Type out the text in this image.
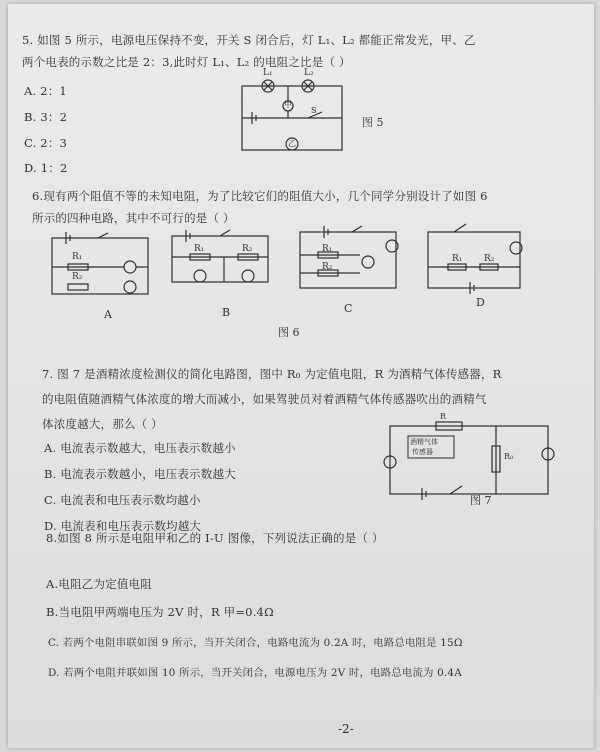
5. 如图 5 所示，电源电压保持不变，开关 S 闭合后，灯 L₁、L₂ 都能正常发光，甲、乙
两个电表的示数之比是 2：3,此时灯 L₁、L₂ 的电阻之比是（ ）
A. 2：1
B. 3：2
C. 2：3
D. 1：2
L₁	L₂
甲
S
乙
图 5
6.现有两个阻值不等的未知电阻，为了比较它们的阻值大小，几个同学分别设计了如图 6
所示的四种电路，其中不可行的是（ ）
R₁
R₂
R₁	R₂	R₁
R₂
R₁ R₂
A	B	C	D
图 6
7. 图 7 是酒精浓度检测仪的简化电路图，图中 R₀ 为定值电阻，R 为酒精气体传感器，R
的电阻值随酒精气体浓度的增大而减小，如果驾驶员对着酒精气体传感器吹出的酒精气
体浓度越大，那么（ ）
A. 电流表示数越大，电压表示数越小
B. 电流表示数越小，电压表示数越大
C. 电流表和电压表示数均越小
D. 电流表和电压表示数均越大
R
酒精气体
传感器	R₀
图 7
8.如图 8 所示是电阻甲和乙的 I-U 图像，下列说法正确的是（ ）
A.电阻乙为定值电阻
B.当电阻甲两端电压为 2V 时，R 甲=0.4Ω
C. 若两个电阻串联如图 9 所示，当开关闭合，电路电流为 0.2A 时，电路总电阻是 15Ω
D. 若两个电阻并联如图 10 所示，当开关闭合，电源电压为 2V 时，电路总电流为 0.4A
-2-
